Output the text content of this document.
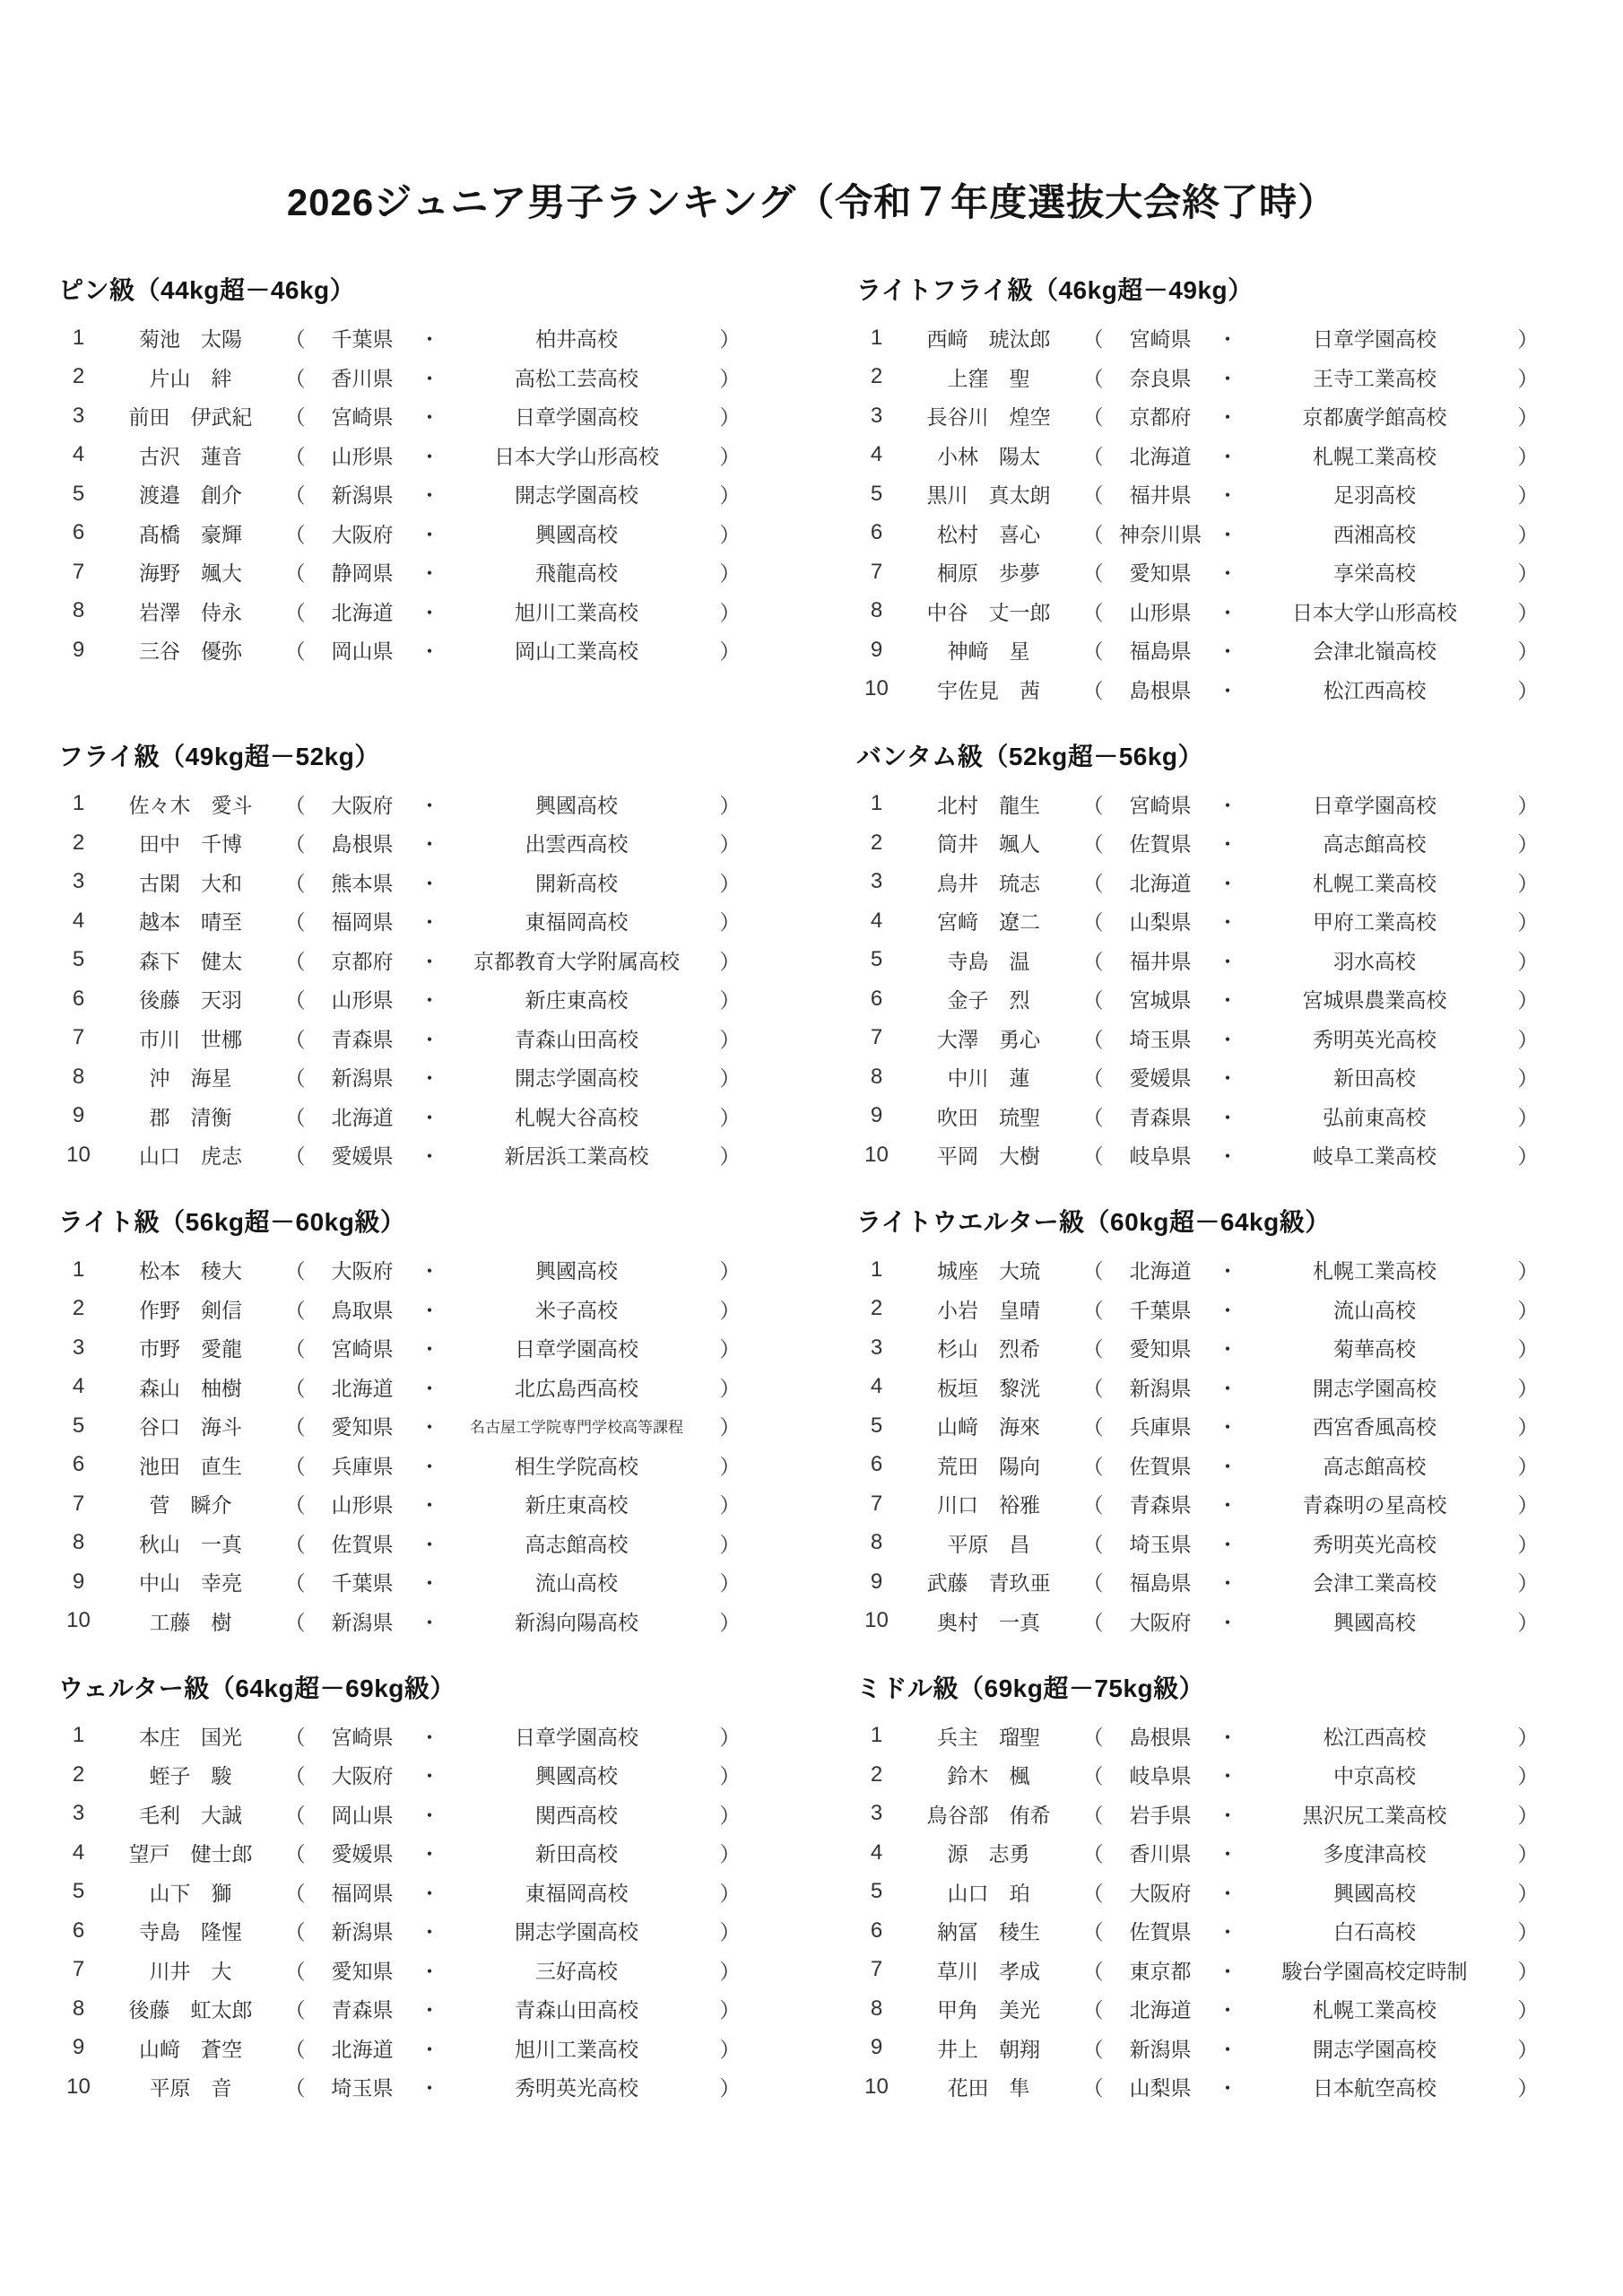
2026ジュニア男子ランキング（令和７年度選抜大会終了時）
ピン級（44kg超－46kg）
1	菊池　太陽	（	千葉県	・	柏井高校	）
2	片山　絆	（	香川県	・	高松工芸高校	）
3	前田　伊武紀	（	宮崎県	・	日章学園高校	）
4	古沢　蓮音	（	山形県	・	日本大学山形高校	）
5	渡邉　創介	（	新潟県	・	開志学園高校	）
6	髙橋　豪輝	（	大阪府	・	興國高校	）
7	海野　颯大	（	静岡県	・	飛龍高校	）
8	岩澤　侍永	（	北海道	・	旭川工業高校	）
9	三谷　優弥	（	岡山県	・	岡山工業高校	）
フライ級（49kg超－52kg）
1	佐々木　愛斗	（	大阪府	・	興國高校	）
2	田中　千博	（	島根県	・	出雲西高校	）
3	古閑　大和	（	熊本県	・	開新高校	）
4	越本　晴至	（	福岡県	・	東福岡高校	）
5	森下　健太	（	京都府	・	京都教育大学附属高校	）
6	後藤　天羽	（	山形県	・	新庄東高校	）
7	市川　世梛	（	青森県	・	青森山田高校	）
8	沖　海星	（	新潟県	・	開志学園高校	）
9	郡　清衡	（	北海道	・	札幌大谷高校	）
10	山口　虎志	（	愛媛県	・	新居浜工業高校	）
ライト級（56kg超－60kg級）
1	松本　稜大	（	大阪府	・	興國高校	）
2	作野　剣信	（	鳥取県	・	米子高校	）
3	市野　愛龍	（	宮崎県	・	日章学園高校	）
4	森山　柚樹	（	北海道	・	北広島西高校	）
5	谷口　海斗	（	愛知県	・	名古屋工学院専門学校高等課程	）
6	池田　直生	（	兵庫県	・	相生学院高校	）
7	菅　瞬介	（	山形県	・	新庄東高校	）
8	秋山　一真	（	佐賀県	・	高志館高校	）
9	中山　幸亮	（	千葉県	・	流山高校	）
10	工藤　樹	（	新潟県	・	新潟向陽高校	）
ウェルター級（64kg超－69kg級）
1	本庄　国光	（	宮崎県	・	日章学園高校	）
2	蛭子　駿	（	大阪府	・	興國高校	）
3	毛利　大誠	（	岡山県	・	関西高校	）
4	望戸　健士郎	（	愛媛県	・	新田高校	）
5	山下　獅	（	福岡県	・	東福岡高校	）
6	寺島　隆惺	（	新潟県	・	開志学園高校	）
7	川井　大	（	愛知県	・	三好高校	）
8	後藤　虹太郎	（	青森県	・	青森山田高校	）
9	山﨑　蒼空	（	北海道	・	旭川工業高校	）
10	平原　音	（	埼玉県	・	秀明英光高校	）
ライトフライ級（46kg超－49kg）
1	西﨑　琥汰郎	（	宮崎県	・	日章学園高校	）
2	上窪　聖	（	奈良県	・	王寺工業高校	）
3	長谷川　煌空	（	京都府	・	京都廣学館高校	）
4	小林　陽太	（	北海道	・	札幌工業高校	）
5	黒川　真太朗	（	福井県	・	足羽高校	）
6	松村　喜心	（ 神奈川県 ・	西湘高校	）
7	桐原　歩夢	（	愛知県	・	享栄高校	）
8	中谷　丈一郎	（	山形県	・	日本大学山形高校	）
9	神﨑　星	（	福島県	・	会津北嶺高校	）
10	宇佐見　茜	（	島根県	・	松江西高校	）
バンタム級（52kg超－56kg）
1	北村　龍生	（	宮崎県	・	日章学園高校	）
2	筒井　颯人	（	佐賀県	・	高志館高校	）
3	鳥井　琉志	（	北海道	・	札幌工業高校	）
4	宮﨑　遼二	（	山梨県	・	甲府工業高校	）
5	寺島　温	（	福井県	・	羽水高校	）
6	金子　烈	（	宮城県	・	宮城県農業高校	）
7	大澤　勇心	（	埼玉県	・	秀明英光高校	）
8	中川　蓮	（	愛媛県	・	新田高校	）
9	吹田　琉聖	（	青森県	・	弘前東高校	）
10	平岡　大樹	（	岐阜県	・	岐阜工業高校	）
ライトウエルター級（60kg超－64kg級）
1	城座　大琉	（	北海道	・	札幌工業高校	）
2	小岩　皇晴	（	千葉県	・	流山高校	）
3	杉山　烈希	（	愛知県	・	菊華高校	）
4	板垣　黎洸	（	新潟県	・	開志学園高校	）
5	山﨑　海來	（	兵庫県	・	西宮香風高校	）
6	荒田　陽向	（	佐賀県	・	高志館高校	）
7	川口　裕雅	（	青森県	・	青森明の星高校	）
8	平原　昌	（	埼玉県	・	秀明英光高校	）
9	武藤　青玖亜	（	福島県	・	会津工業高校	）
10	奥村　一真	（	大阪府	・	興國高校	）
ミドル級（69kg超－75kg級）
1	兵主　瑠聖	（	島根県	・	松江西高校	）
2	鈴木　楓	（	岐阜県	・	中京高校	）
3	鳥谷部　侑希	（	岩手県	・	黒沢尻工業高校	）
4	源　志勇	（	香川県	・	多度津高校	）
5	山口　珀	（	大阪府	・	興國高校	）
6	納冨　稜生	（	佐賀県	・	白石高校	）
7	草川　孝成	（	東京都	・	駿台学園高校定時制	）
8	甲角　美光	（	北海道	・	札幌工業高校	）
9	井上　朝翔	（	新潟県	・	開志学園高校	）
10	花田　隼	（	山梨県	・	日本航空高校	）
